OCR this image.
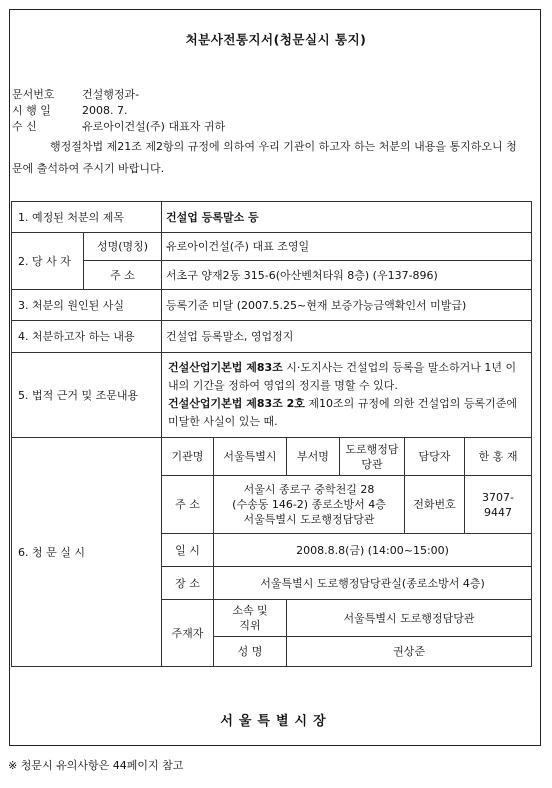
처분사전통지서(청문실시 통지)
문서번호 건설행정과-
시 행 일	2008. 7.
수 신	유로아이건설(주) 대표자 귀하
행정절차법 제21조 제2항의 규정에 의하여 우리 기관이 하고자 하는 처분의 내용을 통지하오니 청문에 출석하여 주시기 바랍니다.
1. 예정된 처분의 제목		건설업 등록말소 등					
2. 당 사 자	성명(명칭)	유로아이건설(주) 대표 조영일					
	주 소	서초구 양재2동 315-6(아산벤처타워 8층) (우137-896)					
3. 처분의 원인된 사실		등록기준 미달 (2007.5.25~현재 보증가능금액확인서 미발급)					
4. 처분하고자 하는 내용		건설업 등록말소, 영업정지					
5. 법적 근거 및 조문내용		건설산업기본법 제83조 시·도지사는 건설업의 등록을 말소하거나 1년 이내의 기간을 정하여 영업의 정지를 명할 수 있다.
건설산업기본법 제83조 2호 제10조의 규정에 의한 건설업의 등록기준에 미달한 사실이 있는 때.					
6. 청 문 실 시		기관명	서울특별시	부서명	도로행정담당관	담당자	한 홍 재
		주 소	서울시 종로구 중학천길 28
(수송동 146-2) 종로소방서 4층
서울특별시 도로행정담당관			전화번호	3707-9447
		일 시	2008.8.8(금) (14:00~15:00)				
		장 소	서울특별시 도로행정담당관실(종로소방서 4층)				
		주재자	소속 및
직위	서울특별시 도로행정담당관			
			성 명	권상준			
서울특별시장
※ 청문시 유의사항은 44페이지 참고
